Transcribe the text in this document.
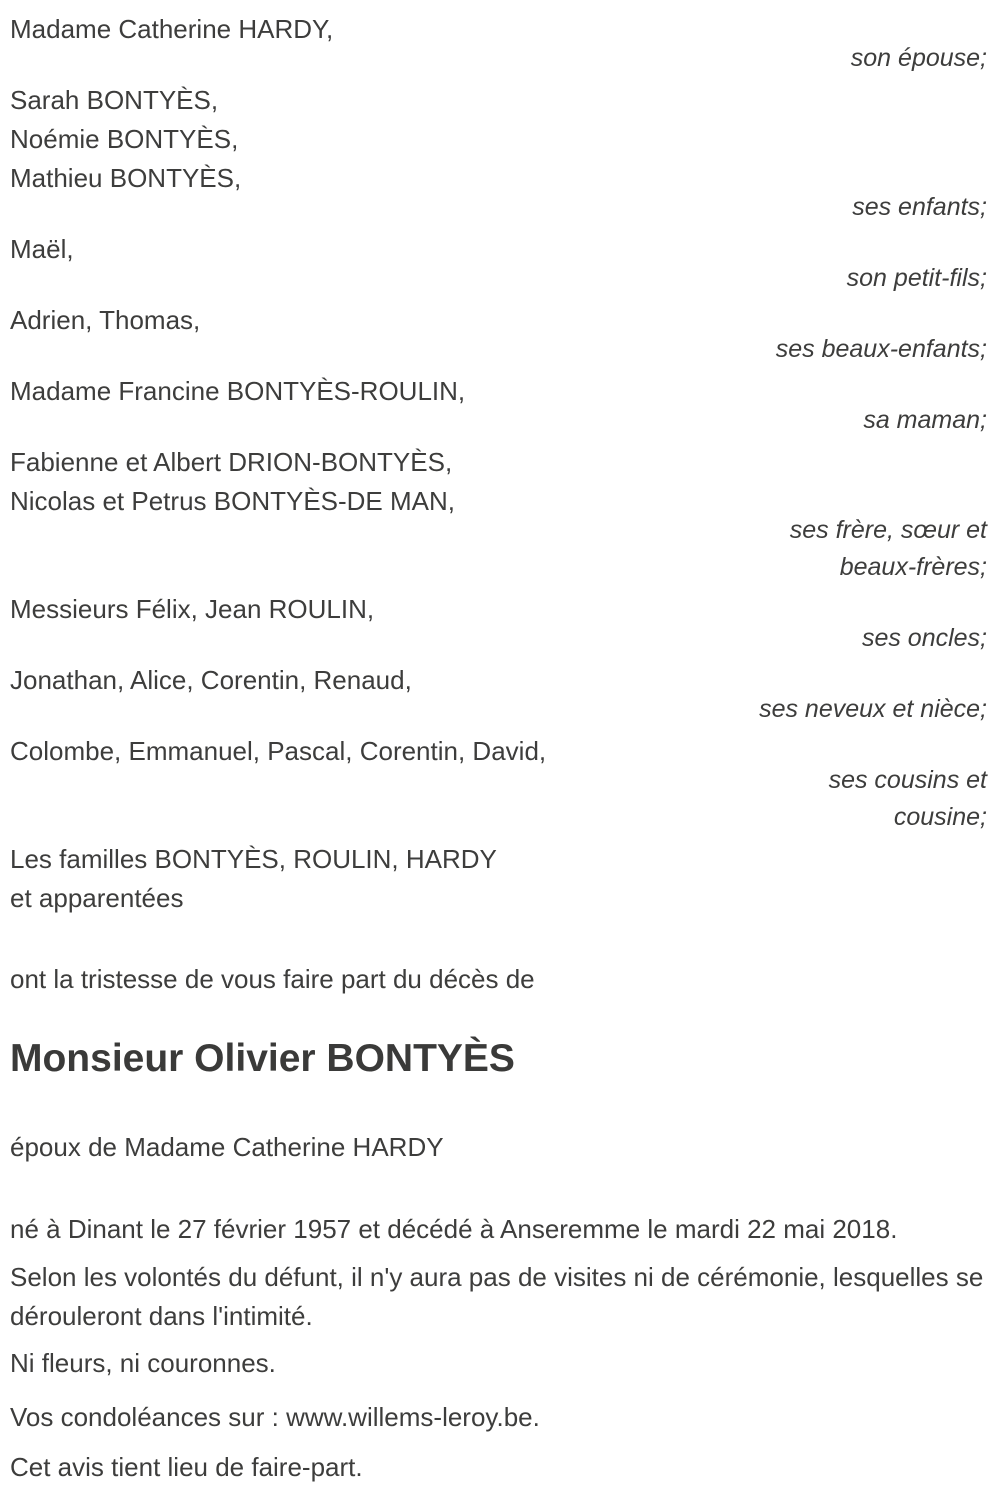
Madame Catherine HARDY,

son épouse;

Sarah BONTYÈS,

Noémie BONTYÈS,

Mathieu BONTYÈS,

ses enfants;

Maël,

son petit-fils;

Adrien, Thomas,

ses beaux-enfants;

Madame Francine BONTYÈS-ROULIN,

sa maman;

Fabienne et Albert DRION-BONTYÈS,

Nicolas et Petrus BONTYÈS-DE MAN,

ses frère, sœur et

beaux-frères;

Messieurs Félix, Jean ROULIN,

ses oncles;

Jonathan, Alice, Corentin, Renaud,

ses neveux et nièce;

Colombe, Emmanuel, Pascal, Corentin, David,

ses cousins et

cousine;

Les familles BONTYÈS, ROULIN, HARDY

et apparentées

ont la tristesse de vous faire part du décès de

Monsieur Olivier BONTYÈS

époux de Madame Catherine HARDY

né à Dinant le 27 février 1957 et décédé à Anseremme le mardi 22 mai 2018.

Selon les volontés du défunt, il n'y aura pas de visites ni de cérémonie, lesquelles se dérouleront dans l'intimité.

Ni fleurs, ni couronnes.

Vos condoléances sur : www.willems-leroy.be.

Cet avis tient lieu de faire-part.
